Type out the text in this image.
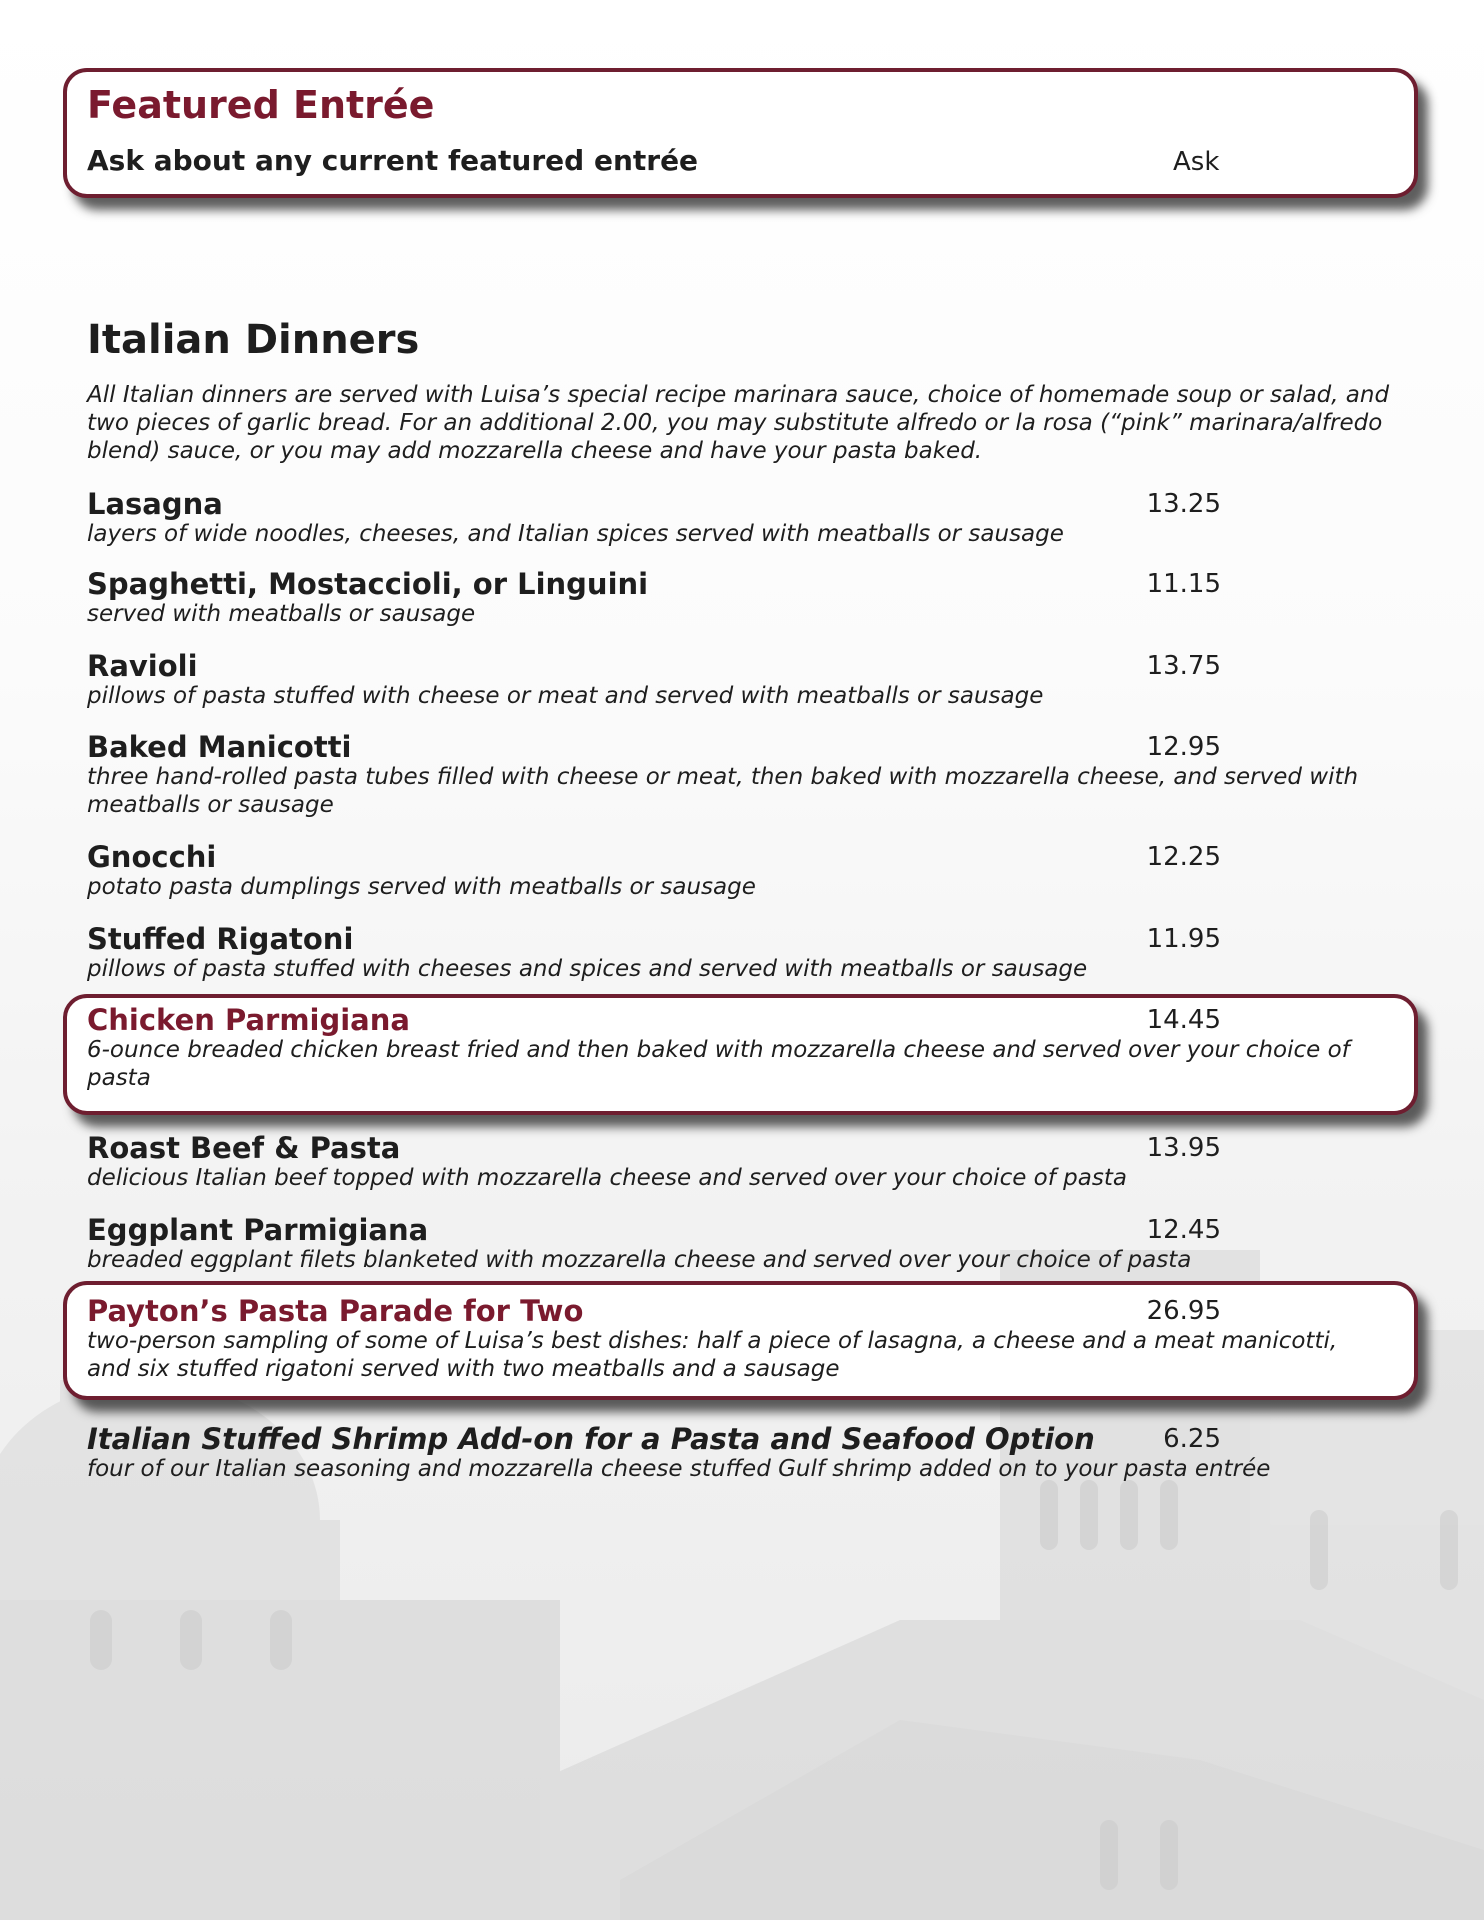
Featured Entrée
Ask about any current featured entrée	Ask
Italian Dinners
All Italian dinners are served with Luisa’s special recipe marinara sauce, choice of homemade soup or salad, and two pieces of garlic bread. For an additional 2.00, you may substitute alfredo or la rosa (“pink” marinara/alfredo blend) sauce, or you may add mozzarella cheese and have your pasta baked.
Lasagna	13.25
layers of wide noodles, cheeses, and Italian spices served with meatballs or sausage
Spaghetti, Mostaccioli, or Linguini	11.15
served with meatballs or sausage
Ravioli	13.75
pillows of pasta stuffed with cheese or meat and served with meatballs or sausage
Baked Manicotti	12.95
three hand-rolled pasta tubes filled with cheese or meat, then baked with mozzarella cheese, and served with meatballs or sausage
Gnocchi	12.25
potato pasta dumplings served with meatballs or sausage
Stuffed Rigatoni	11.95
pillows of pasta stuffed with cheeses and spices and served with meatballs or sausage
Chicken Parmigiana	14.45
6-ounce breaded chicken breast fried and then baked with mozzarella cheese and served over your choice of pasta
Roast Beef & Pasta	13.95
delicious Italian beef topped with mozzarella cheese and served over your choice of pasta
Eggplant Parmigiana	12.45
breaded eggplant filets blanketed with mozzarella cheese and served over your choice of pasta
Payton’s Pasta Parade for Two	26.95
two-person sampling of some of Luisa’s best dishes: half a piece of lasagna, a cheese and a meat manicotti, and six stuffed rigatoni served with two meatballs and a sausage
Italian Stuffed Shrimp Add-on for a Pasta and Seafood Option	6.25
four of our Italian seasoning and mozzarella cheese stuffed Gulf shrimp added on to your pasta entrée
